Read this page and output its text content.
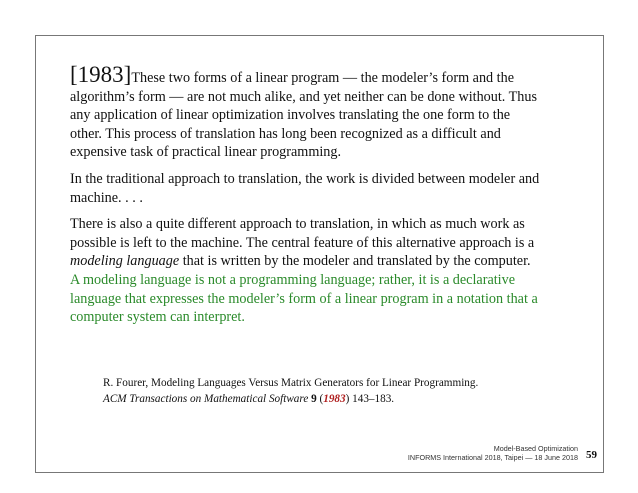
[1983]These two forms of a linear program — the modeler’s form and the algorithm’s form — are not much alike, and yet neither can be done without. Thus any application of linear optimization involves translating the one form to the other. This process of translation has long been recognized as a difficult and expensive task of practical linear programming.

In the traditional approach to translation, the work is divided between modeler and machine. . . .

There is also a quite different approach to translation, in which as much work as possible is left to the machine. The central feature of this alternative approach is a modeling language that is written by the modeler and translated by the computer. A modeling language is not a programming language; rather, it is a declarative language that expresses the modeler’s form of a linear program in a notation that a computer system can interpret.

R. Fourer, Modeling Languages Versus Matrix Generators for Linear Programming.
ACM Transactions on Mathematical Software 9 (1983) 143–183.
Model-Based Optimization
INFORMS International 2018, Taipei — 18 June 2018 59
